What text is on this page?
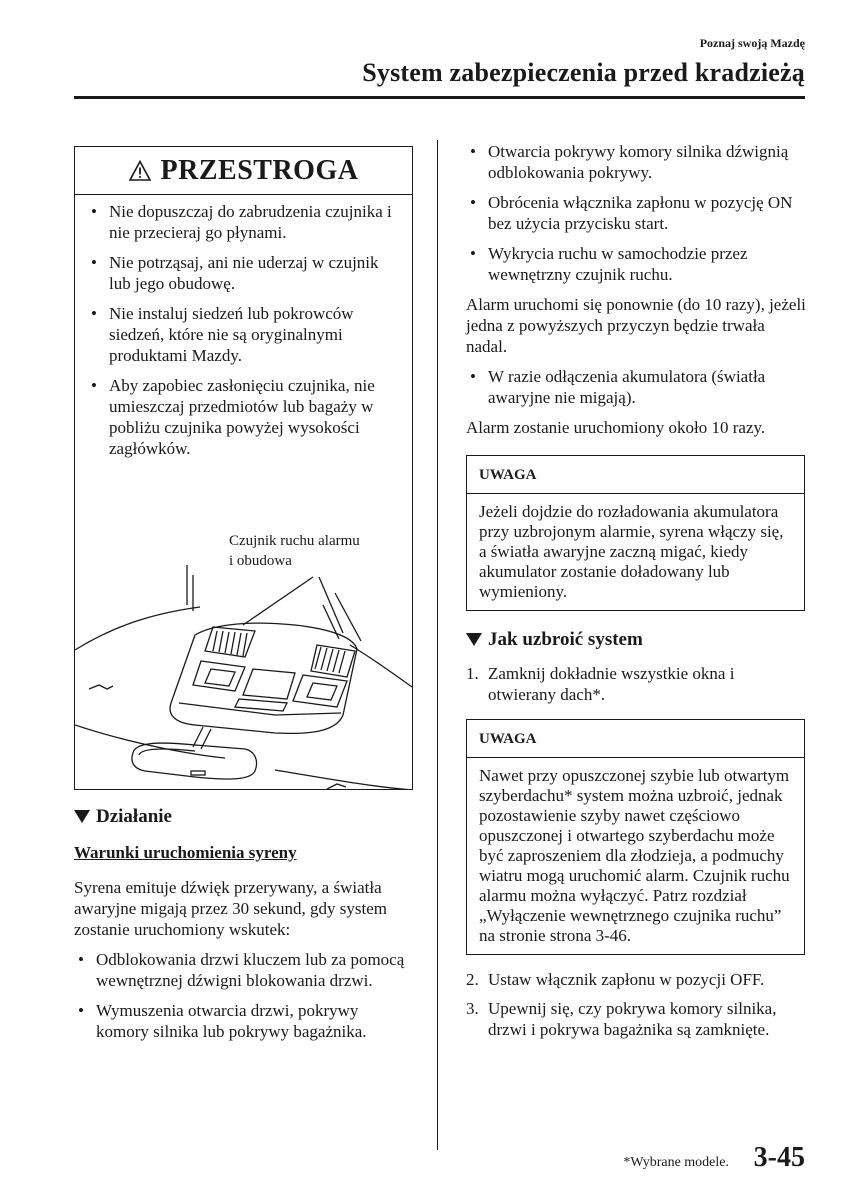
Poznaj swoją Mazdę
System zabezpieczenia przed kradzieżą
PRZESTROGA
• Nie dopuszczaj do zabrudzenia czujnika i nie przecieraj go płynami.
• Nie potrząsaj, ani nie uderzaj w czujnik lub jego obudowę.
• Nie instaluj siedzeń lub pokrowców siedzeń, które nie są oryginalnymi produktami Mazdy.
• Aby zapobiec zasłonięciu czujnika, nie umieszczaj przedmiotów lub bagaży w pobliżu czujnika powyżej wysokości zagłówków.
Czujnik ruchu alarmu
i obudowa
Działanie
Warunki uruchomienia syreny

Syrena emituje dźwięk przerywany, a światła awaryjne migają przez 30 sekund, gdy system zostanie uruchomiony wskutek:

• Odblokowania drzwi kluczem lub za pomocą wewnętrznej dźwigni blokowania drzwi.
• Wymuszenia otwarcia drzwi, pokrywy komory silnika lub pokrywy bagażnika.
• Otwarcia pokrywy komory silnika dźwignią odblokowania pokrywy.
• Obrócenia włącznika zapłonu w pozycję ON bez użycia przycisku start.
• Wykrycia ruchu w samochodzie przez wewnętrzny czujnik ruchu.

Alarm uruchomi się ponownie (do 10 razy), jeżeli jedna z powyższych przyczyn będzie trwała nadal.

• W razie odłączenia akumulatora (światła awaryjne nie migają).

Alarm zostanie uruchomiony około 10 razy.

UWAGA
Jeżeli dojdzie do rozładowania akumulatora przy uzbrojonym alarmie, syrena włączy się, a światła awaryjne zaczną migać, kiedy akumulator zostanie doładowany lub wymieniony.
Jak uzbroić system
1. Zamknij dokładnie wszystkie okna i otwierany dach*.
UWAGA
Nawet przy opuszczonej szybie lub otwartym szyberdachu* system można uzbroić, jednak pozostawienie szyby nawet częściowo opuszczonej i otwartego szyberdachu może być zaproszeniem dla złodzieja, a podmuchy wiatru mogą uruchomić alarm. Czujnik ruchu alarmu można wyłączyć. Patrz rozdział „Wyłączenie wewnętrznego czujnika ruchu” na stronie strona 3-46.
2. Ustaw włącznik zapłonu w pozycji OFF.
3. Upewnij się, czy pokrywa komory silnika, drzwi i pokrywa bagażnika są zamknięte.
*Wybrane modele. 3-45
